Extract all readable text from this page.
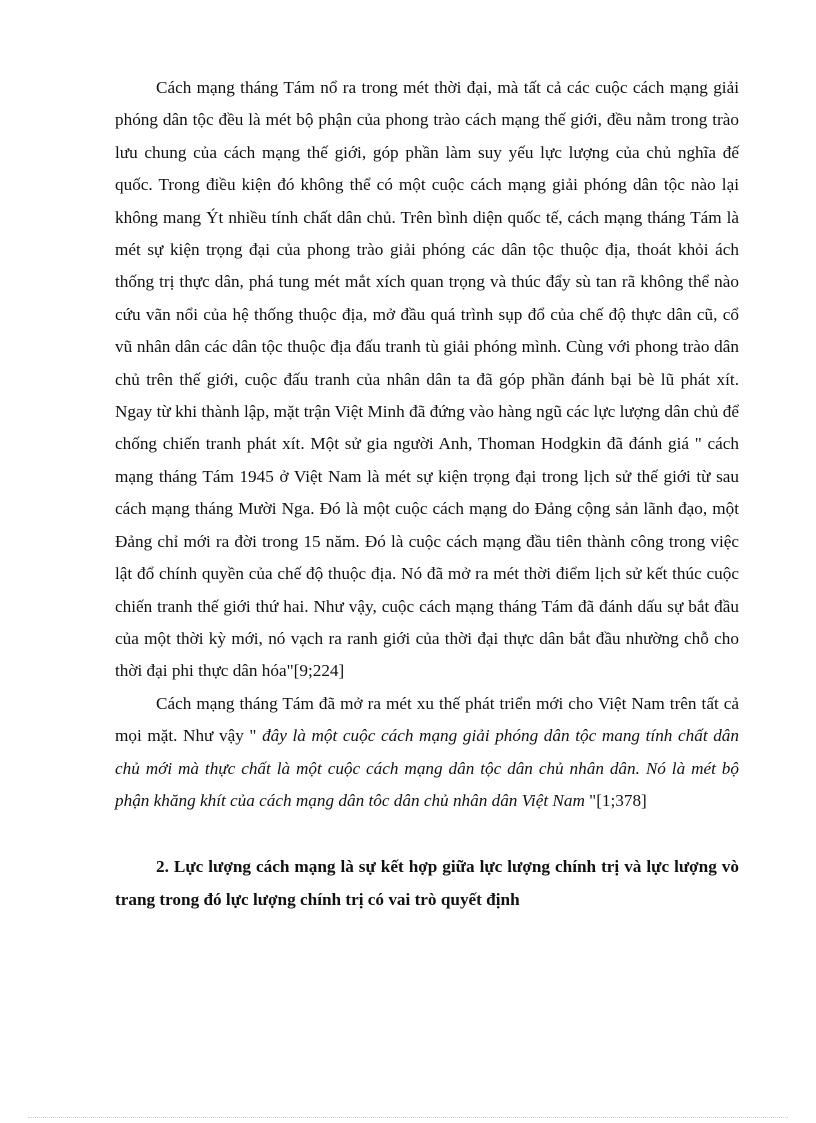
Cách mạng tháng Tám nổ ra trong mét thời đại, mà tất cả các cuộc cách mạng giải phóng dân tộc đều là mét bộ phận của phong trào cách mạng thế giới, đều nằm trong trào lưu chung của cách mạng thế giới, góp phần làm suy yếu lực lượng của chủ nghĩa đế quốc. Trong điều kiện đó không thể có một cuộc cách mạng giải phóng dân tộc nào lại không mang Ýt nhiều tính chất dân chủ. Trên bình diện quốc tế, cách mạng tháng Tám là mét sự kiện trọng đại của phong trào giải phóng các dân tộc thuộc địa, thoát khỏi ách thống trị thực dân, phá tung mét mắt xích quan trọng và thúc đẩy sù tan rã không thể nào cứu vãn nổi của hệ thống thuộc địa, mở đầu quá trình sụp đổ của chế độ thực dân cũ, cổ vũ nhân dân các dân tộc thuộc địa đấu tranh tù giải phóng mình. Cùng với phong trào dân chủ trên thế giới, cuộc đấu tranh của nhân dân ta đã góp phần đánh bại bè lũ phát xít. Ngay từ khi thành lập, mặt trận Việt Minh đã đứng vào hàng ngũ các lực lượng dân chủ để chống chiến tranh phát xít. Một sử gia người Anh, Thoman Hodgkin đã đánh giá " cách mạng tháng Tám 1945 ở Việt Nam là mét sự kiện trọng đại trong lịch sử thế giới từ sau cách mạng tháng Mười Nga. Đó là một cuộc cách mạng do Đảng cộng sản lãnh đạo, một Đảng chỉ mới ra đời trong 15 năm. Đó là cuộc cách mạng đầu tiên thành công trong việc lật đổ chính quyền của chế độ thuộc địa. Nó đã mở ra mét thời điểm lịch sử kết thúc cuộc chiến tranh thế giới thứ hai. Như vậy, cuộc cách mạng tháng Tám đã đánh dấu sự bắt đầu của một thời kỳ mới, nó vạch ra ranh giới của thời đại thực dân bắt đầu nhường chỗ cho thời đại phi thực dân hóa"[9;224]

Cách mạng tháng Tám đã mở ra mét xu thế phát triển mới cho Việt Nam trên tất cả mọi mặt. Như vậy " đây là một cuộc cách mạng giải phóng dân tộc mang tính chất dân chủ mới mà thực chất là một cuộc cách mạng dân tộc dân chủ nhân dân. Nó là mét bộ phận khăng khít của cách mạng dân tôc dân chủ nhân dân Việt Nam "[1;378]

2. Lực lượng cách mạng là sự kết hợp giữa lực lượng chính trị và lực lượng vò trang trong đó lực lượng chính trị có vai trò quyết định
